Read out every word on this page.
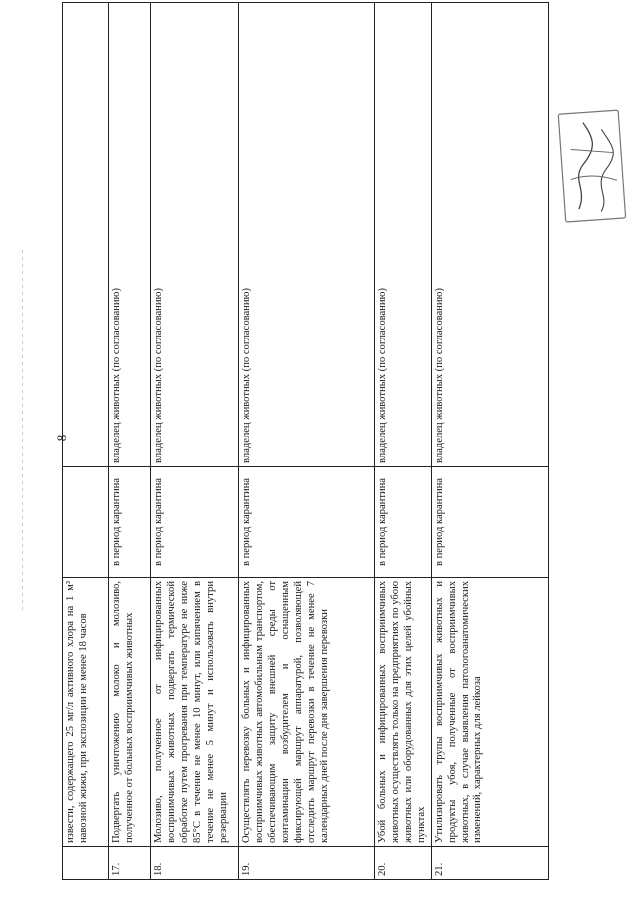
8
	извести, содержащего 25 мг/л активного хлора на 1 м³ навозной жижи, при экспозиции не менее 18 часов		
17.	Подвергать уничтожению молоко и молозиво, полученное от больных восприимчивых животных	в период карантина	владелец животных (по согласованию)
18.	Молозиво, полученное от инфицированных восприимчивых животных подвергать термической обработке путем прогревания при температуре не ниже 85°С в течение не менее 10 минут, или кипячением в течение не менее 5 минут и использовать внутри резервации	в период карантина	владелец животных (по согласованию)
19.	Осуществлять перевозку больных и инфицированных восприимчивых животных автомобильным транспортом, обеспечивающим защиту внешней среды от контаминации возбудителем и оснащенным фиксирующей маршрут аппаратурой, позволяющей отследить маршрут перевозки в течение не менее 7 календарных дней после дня завершения перевозки	в период карантина	владелец животных (по согласованию)
20.	Убой больных и инфицированных восприимчивых животных осуществлять только на предприятиях по убою животных или оборудованных для этих целей убойных пунктах	в период карантина	владелец животных (по согласованию)
21.	Утилизировать трупы восприимчивых животных и продукты убоя, полученные от восприимчивых животных, в случае выявления патологоанатомических изменений, характерных для лейкоза	в период карантина	владелец животных (по согласованию)
